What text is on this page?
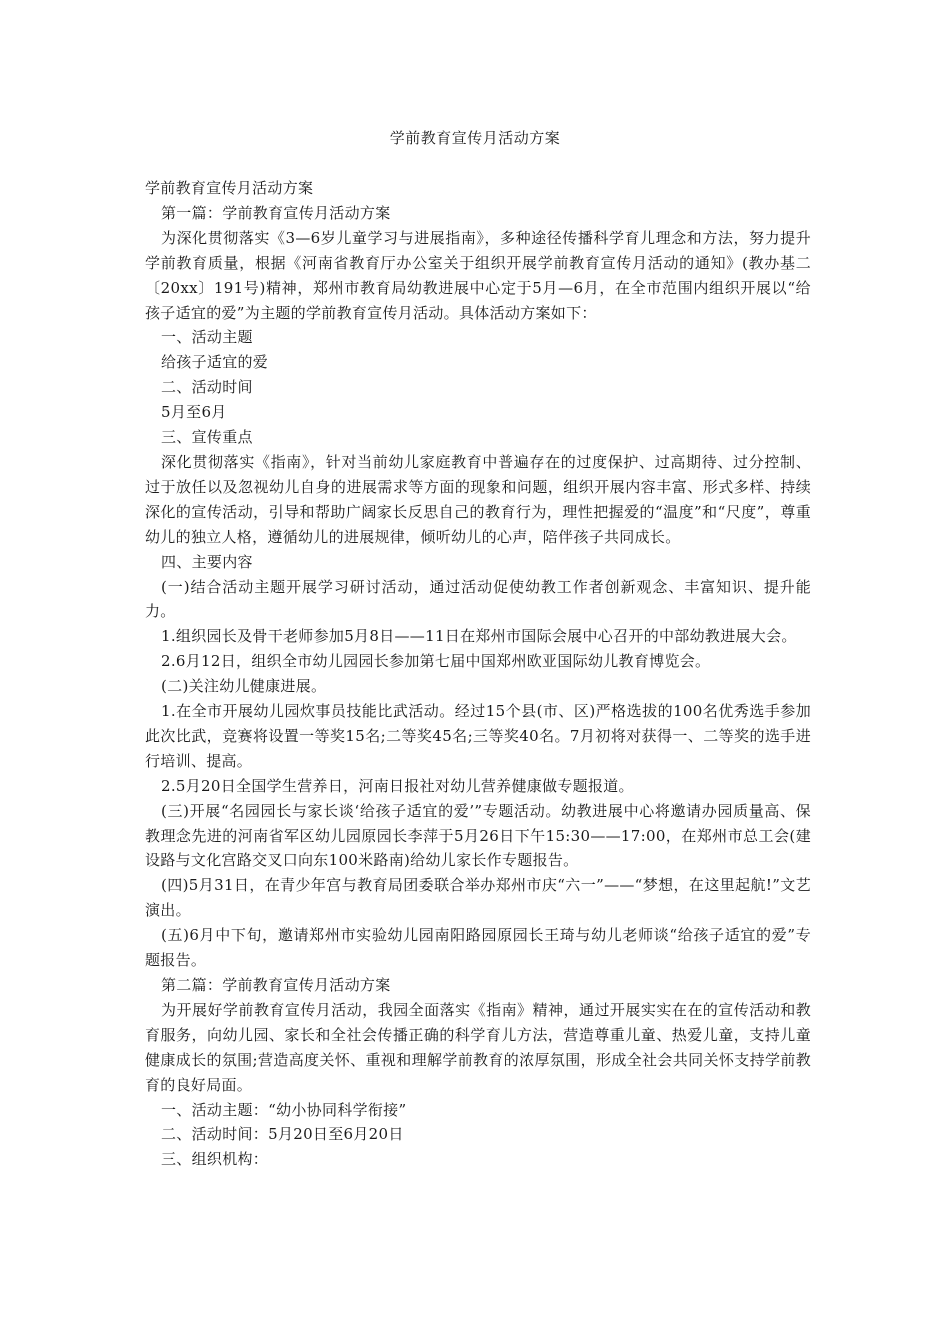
学前教育宣传月活动方案

学前教育宣传月活动方案

第一篇：学前教育宣传月活动方案

为深化贯彻落实《3—6岁儿童学习与进展指南》，多种途径传播科学育儿理念和方法，努力提升学前教育质量，根据《河南省教育厅办公室关于组织开展学前教育宣传月活动的通知》(教办基二〔20xx〕191号)精神，郑州市教育局幼教进展中心定于5月—6月，在全市范围内组织开展以“给孩子适宜的爱”为主题的学前教育宣传月活动。具体活动方案如下：

一、活动主题

给孩子适宜的爱

二、活动时间

5月至6月

三、宣传重点

深化贯彻落实《指南》，针对当前幼儿家庭教育中普遍存在的过度保护、过高期待、过分控制、过于放任以及忽视幼儿自身的进展需求等方面的现象和问题，组织开展内容丰富、形式多样、持续深化的宣传活动，引导和帮助广阔家长反思自己的教育行为，理性把握爱的“温度”和“尺度”，尊重幼儿的独立人格，遵循幼儿的进展规律，倾听幼儿的心声，陪伴孩子共同成长。

四、主要内容

(一)结合活动主题开展学习研讨活动，通过活动促使幼教工作者创新观念、丰富知识、提升能力。

1.组织园长及骨干老师参加5月8日——11日在郑州市国际会展中心召开的中部幼教进展大会。

2.6月12日，组织全市幼儿园园长参加第七届中国郑州欧亚国际幼儿教育博览会。

(二)关注幼儿健康进展。

1.在全市开展幼儿园炊事员技能比武活动。经过15个县(市、区)严格选拔的100名优秀选手参加此次比武，竞赛将设置一等奖15名;二等奖45名;三等奖40名。7月初将对获得一、二等奖的选手进行培训、提高。

2.5月20日全国学生营养日，河南日报社对幼儿营养健康做专题报道。

(三)开展“名园园长与家长谈‘给孩子适宜的爱’”专题活动。幼教进展中心将邀请办园质量高、保教理念先进的河南省军区幼儿园原园长李萍于5月26日下午15:30——17:00，在郑州市总工会(建设路与文化宫路交叉口向东100米路南)给幼儿家长作专题报告。

(四)5月31日，在青少年宫与教育局团委联合举办郑州市庆“六一”——“梦想，在这里起航!”文艺演出。

(五)6月中下旬，邀请郑州市实验幼儿园南阳路园原园长王琦与幼儿老师谈“给孩子适宜的爱”专题报告。

第二篇：学前教育宣传月活动方案

为开展好学前教育宣传月活动，我园全面落实《指南》精神，通过开展实实在在的宣传活动和教育服务，向幼儿园、家长和全社会传播正确的科学育儿方法，营造尊重儿童、热爱儿童，支持儿童健康成长的氛围;营造高度关怀、重视和理解学前教育的浓厚氛围，形成全社会共同关怀支持学前教育的良好局面。

一、活动主题：“幼小协同科学衔接”

二、活动时间：5月20日至6月20日

三、组织机构：
